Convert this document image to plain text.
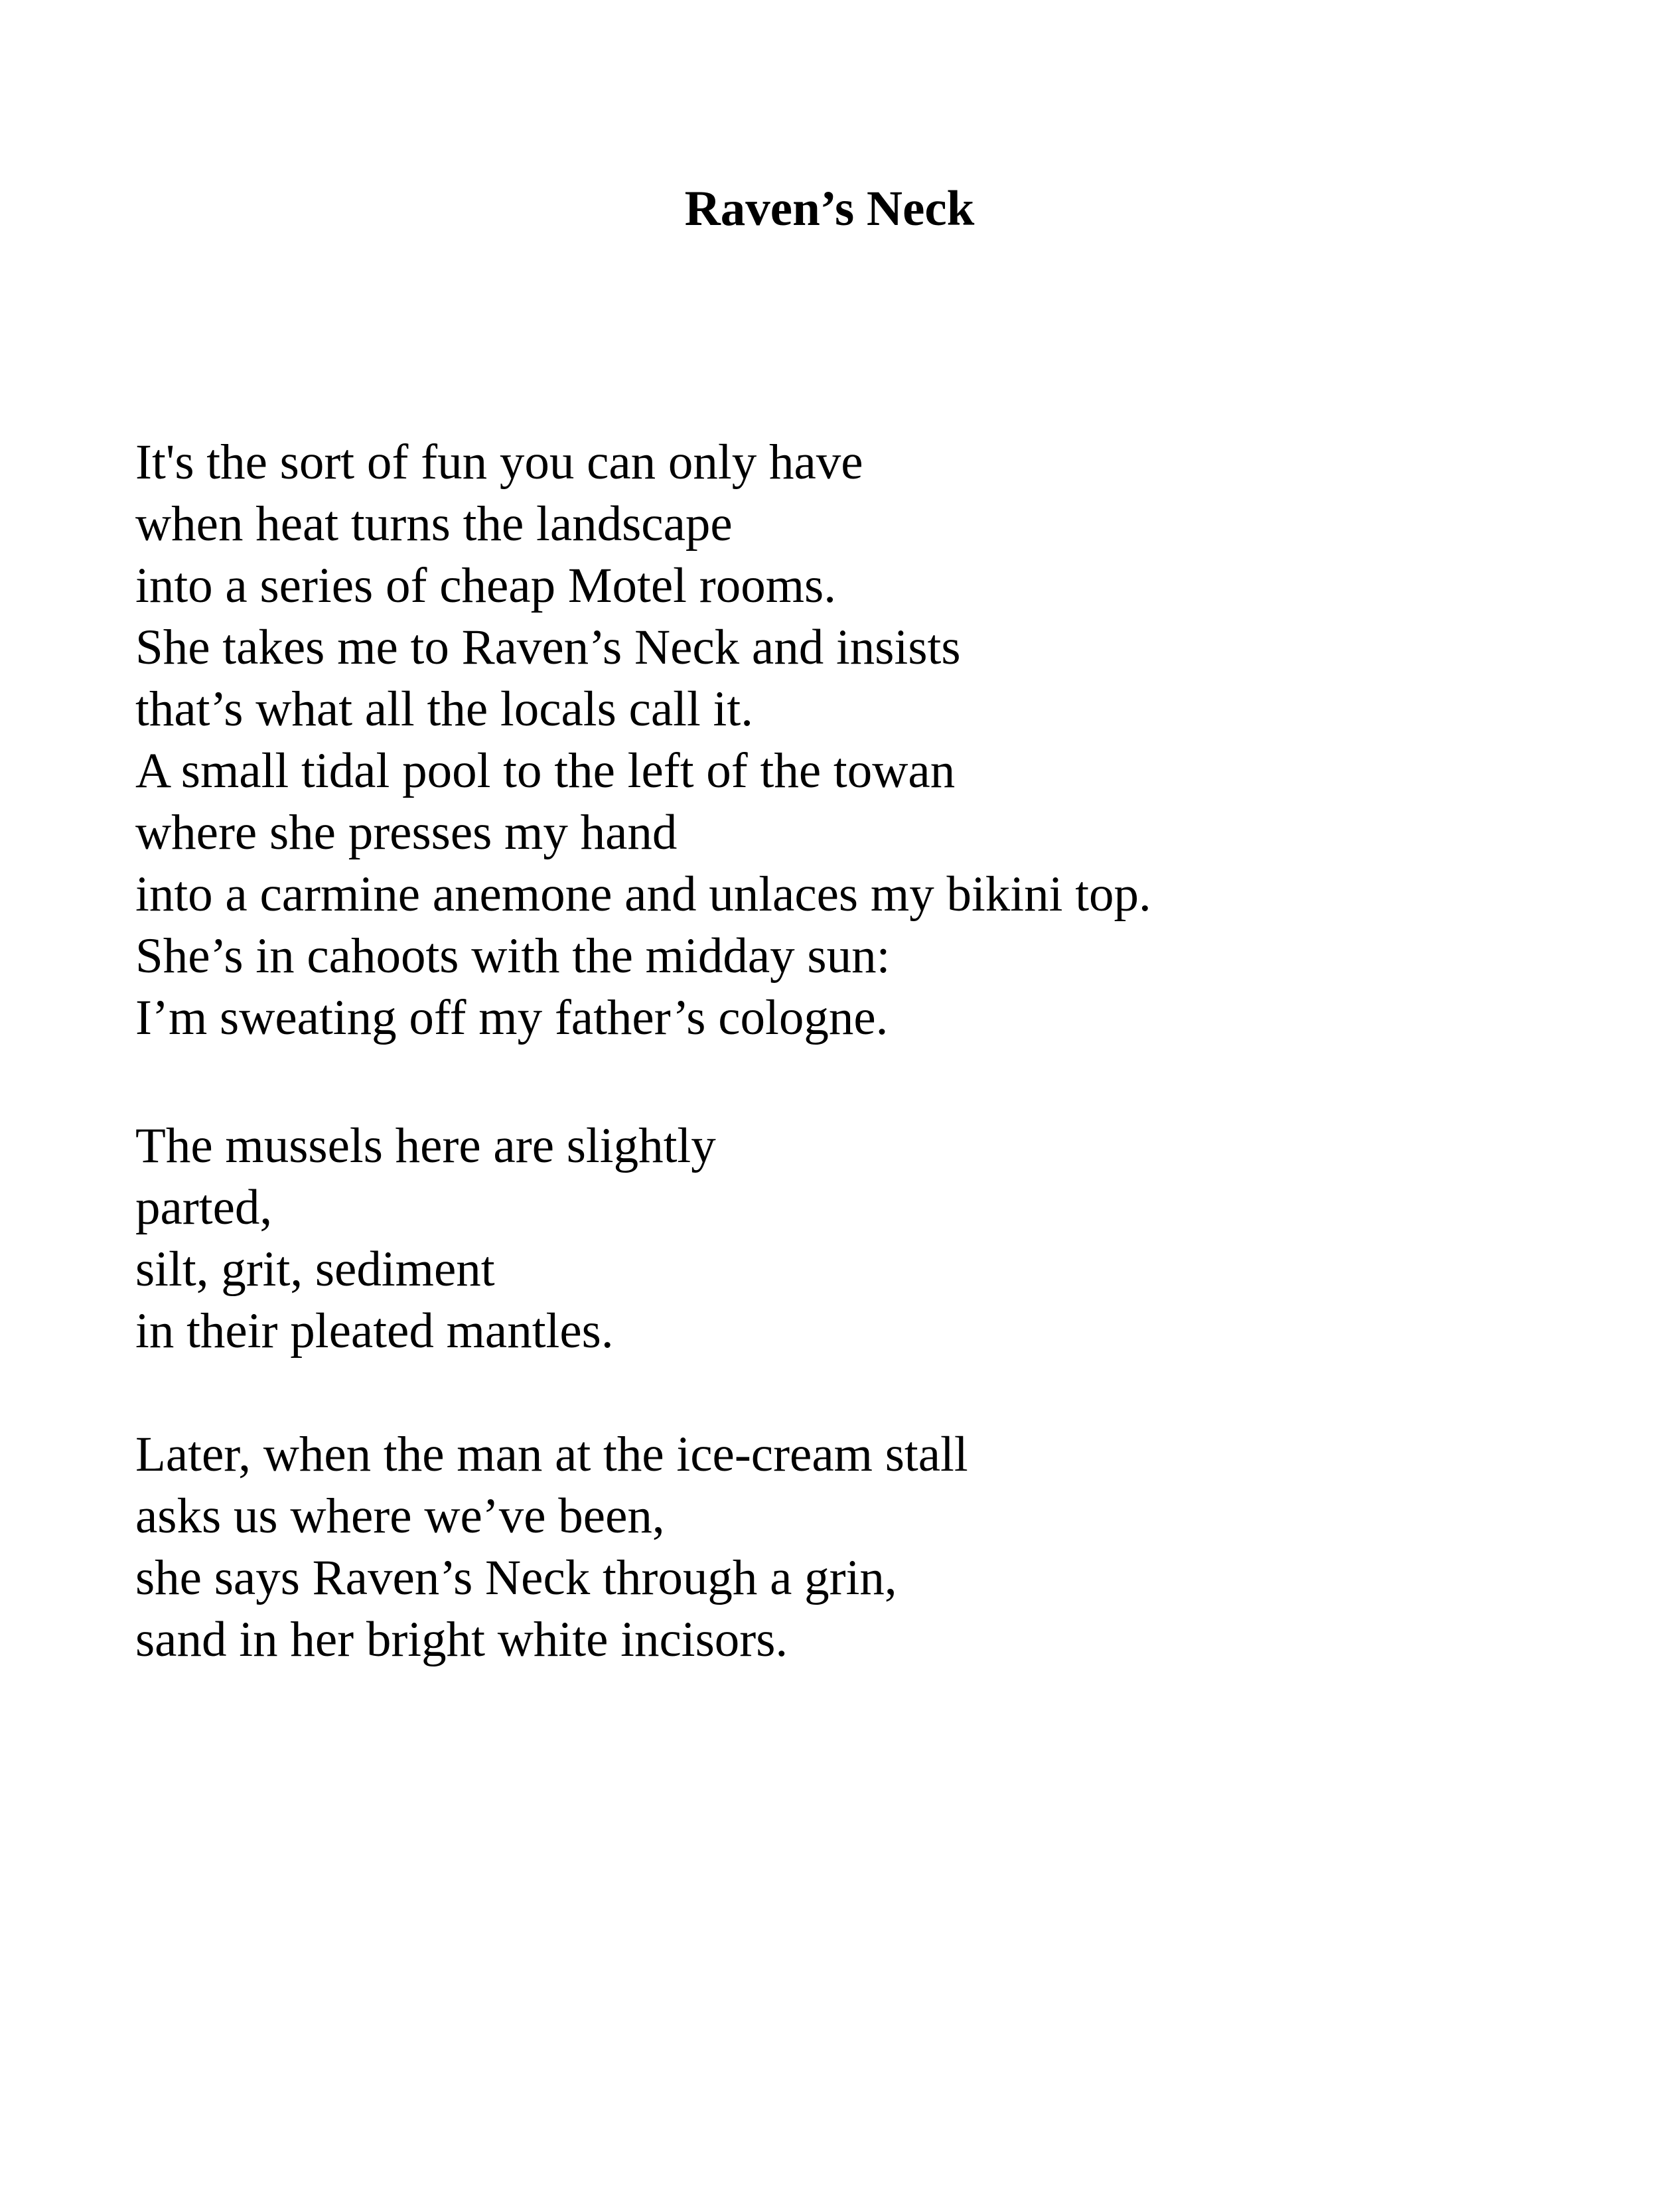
Raven’s Neck
It's the sort of fun you can only have
when heat turns the landscape
into a series of cheap Motel rooms.
She takes me to Raven’s Neck and insists
that’s what all the locals call it.
A small tidal pool to the left of the towan
where she presses my hand
into a carmine anemone and unlaces my bikini top.
She’s in cahoots with the midday sun:
I’m sweating off my father’s cologne.
The mussels here are slightly
parted,
silt, grit, sediment
in their pleated mantles.
Later, when the man at the ice-cream stall
asks us where we’ve been,
she says Raven’s Neck through a grin,
sand in her bright white incisors.
